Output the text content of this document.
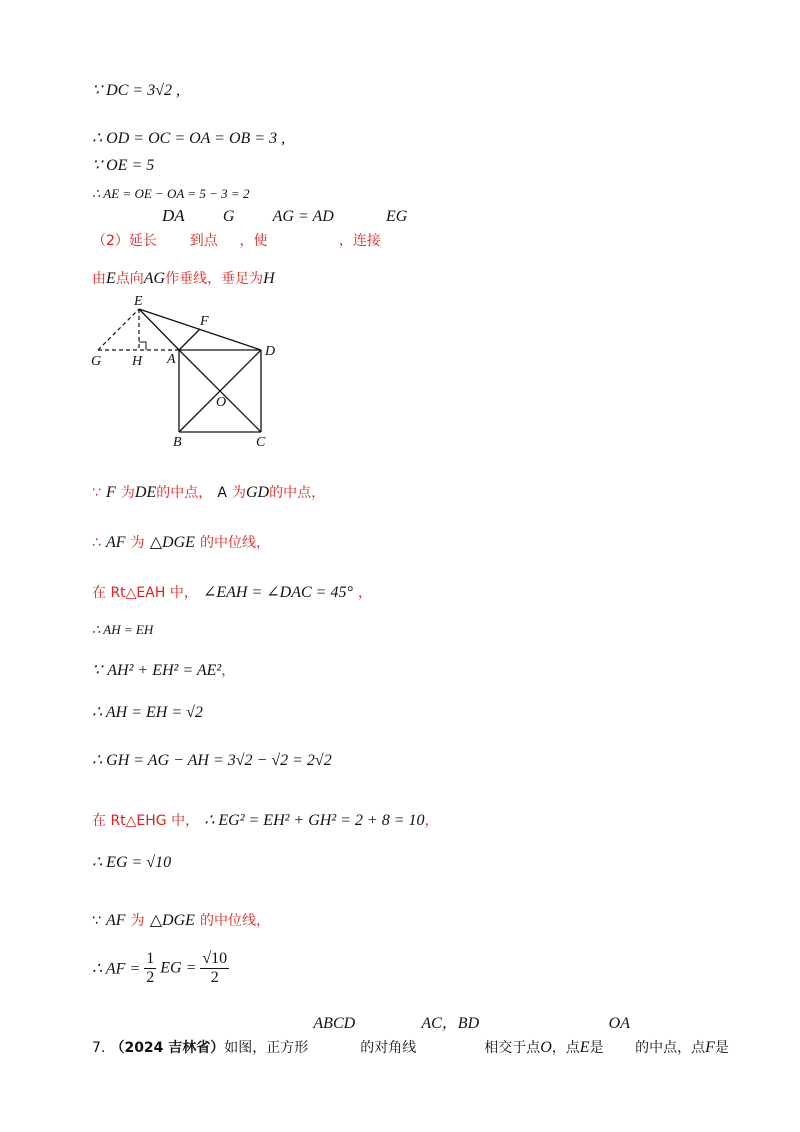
∵ DC = 3√2 ,
∴ OD = OC = OA = OB = 3 ,
∵ OE = 5
∴ AE = OE − OA = 5 − 3 = 2
（2）延长 DA 到点 G ，使 AG = AD ，连接 EG
由E点向AG作垂线，垂足为H
E
F
G H A
D
O
B	C
∵ F 为DE的中点， A 为GD的中点，
∴ AF 为 △DGE 的中位线，
在 Rt△EAH 中， ∠EAH = ∠DAC = 45° ，
∴ AH = EH
∵ AH² + EH² = AE²，
∴ AH = EH = √2
∴ GH = AG − AH = 3√2 − √2 = 2√2
在 Rt△EHG 中， ∴ EG² = EH² + GH² = 2 + 8 = 10，
∴ EG = √10
∵ AF 为 △DGE 的中位线，
∴ AF = $\frac{1}{2}$ EG = $\frac{√10}{2}$
7. （2024 吉林省）如图，正方形 ABCD 的对角线 AC，BD 相交于点O，点E是 OA 的中点，点F是
